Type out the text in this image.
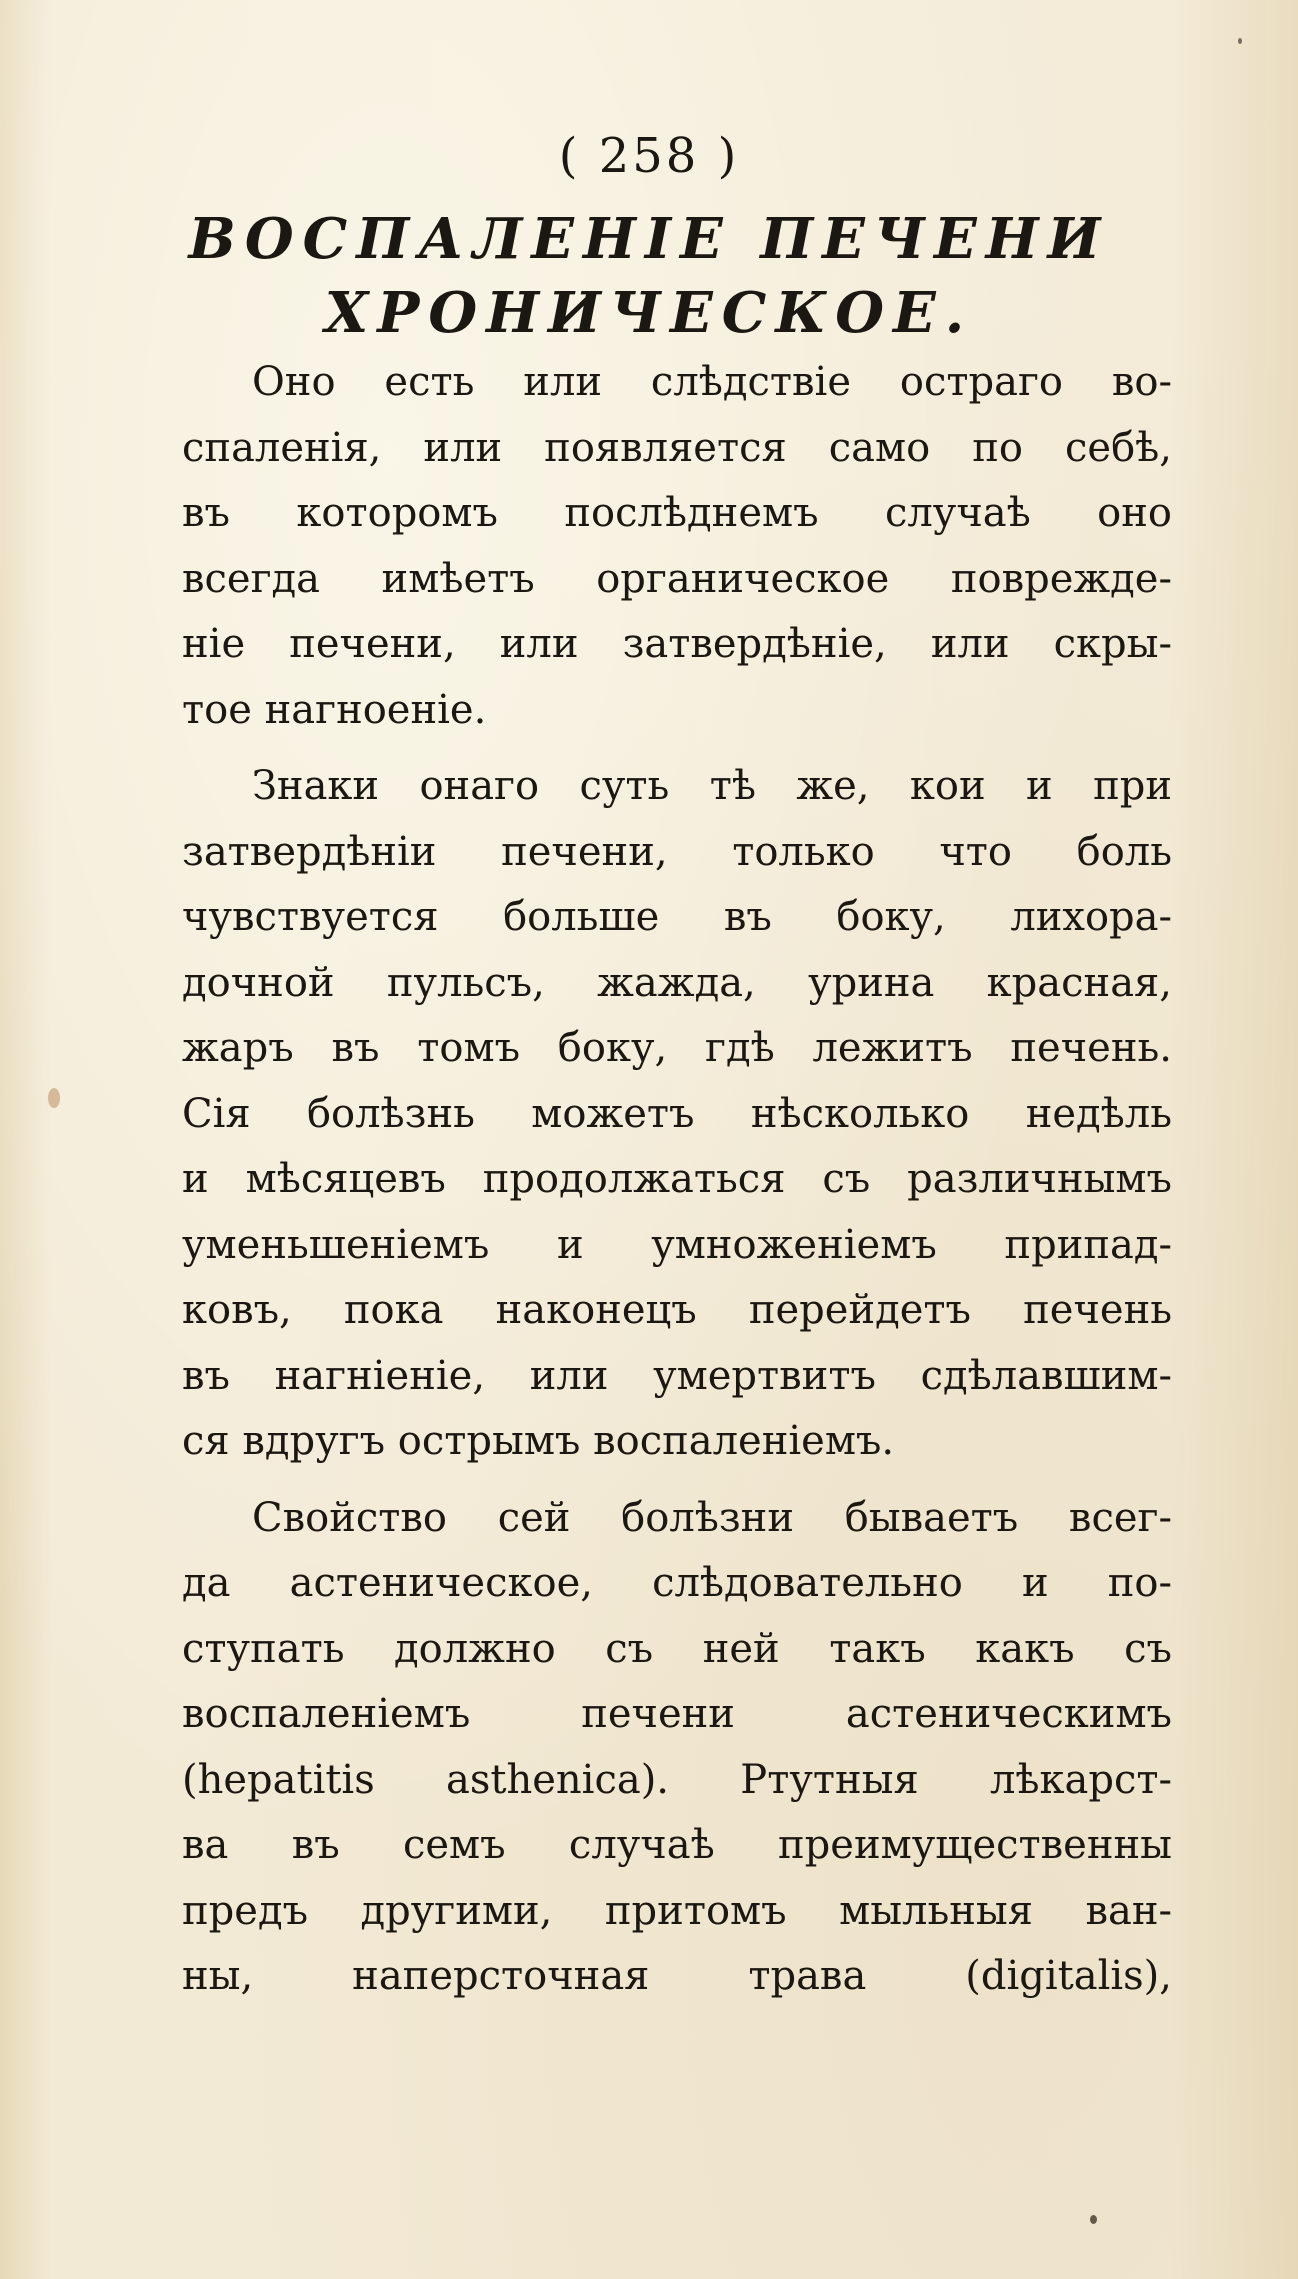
( 258 )
ВОСПАЛЕНІЕ ПЕЧЕНИ
ХРОНИЧЕСКОЕ.
Оно есть или слѣдствіе остраго во-
спаленія, или появляется само по себѣ,
въ которомъ послѣднемъ случаѣ оно
всегда имѣетъ органическое поврежде-
ніе печени, или затвердѣніе, или скры-
тое нагноеніе.
Знаки онаго суть тѣ же, кои и при
затвердѣніи печени, только что боль
чувствуется больше въ боку, лихора-
дочной пульсъ, жажда, урина красная,
жаръ въ томъ боку, гдѣ лежитъ печень.
Сія болѣзнь можетъ нѣсколько недѣль
и мѣсяцевъ продолжаться съ различнымъ
уменьшеніемъ и умноженіемъ припад-
ковъ, пока наконецъ перейдетъ печень
въ нагніеніе, или умертвитъ сдѣлавшим-
ся вдругъ острымъ воспаленіемъ.
Свойство сей болѣзни бываетъ всег-
да астеническое, слѣдовательно и по-
ступать должно съ ней такъ какъ съ
воспаленіемъ печени астеническимъ
(hepatitis asthenica). Ртутныя лѣкарст-
ва въ семъ случаѣ преимущественны
предъ другими, притомъ мыльныя ван-
ны, наперсточная трава (digitalis),
